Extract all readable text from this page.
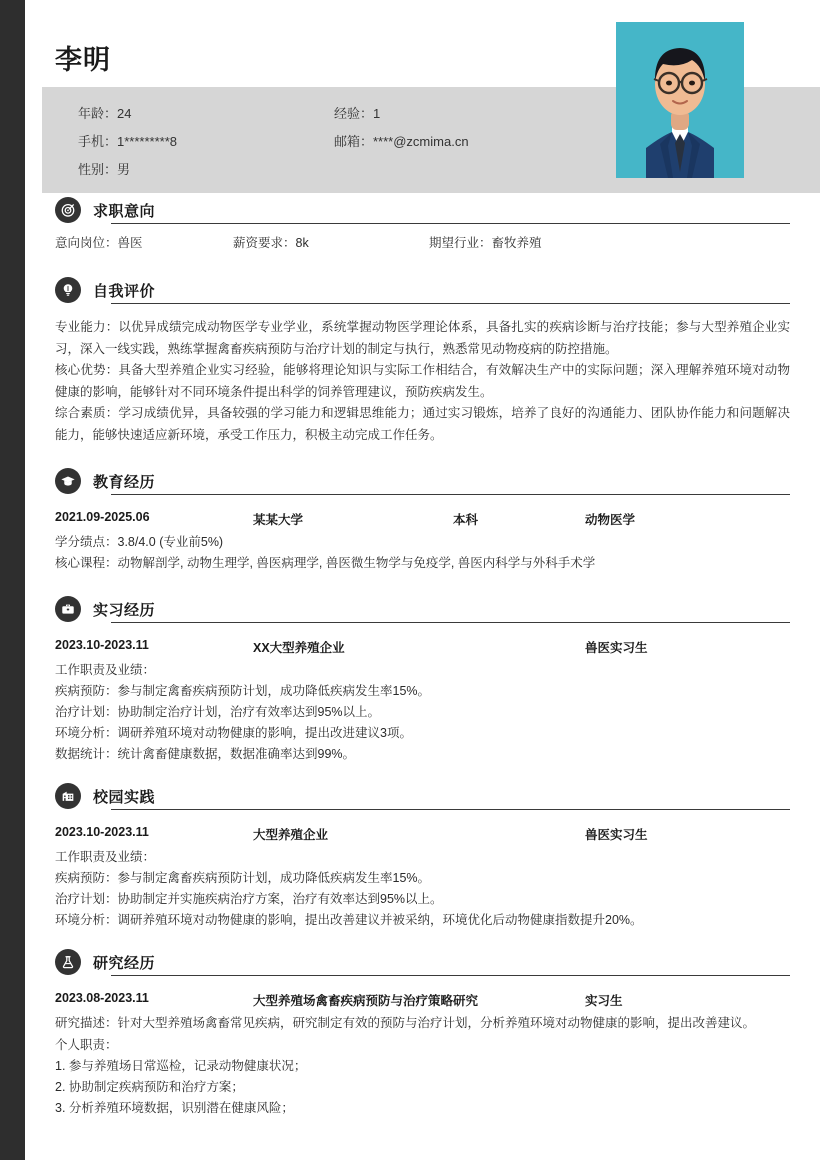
李明
年龄：24
手机：1*********8
性别：男
经验：1
邮箱：****@zcmima.cn
求职意向
意向岗位：兽医	薪资要求：8k	期望行业：畜牧养殖
自我评价

专业能力：以优异成绩完成动物医学专业学业，系统掌握动物医学理论体系，具备扎实的疾病诊断与治疗技能；参与大型养殖企业实习，深入一线实践，熟练掌握禽畜疾病预防与治疗计划的制定与执行，熟悉常见动物疫病的防控措施。

核心优势：具备大型养殖企业实习经验，能够将理论知识与实际工作相结合，有效解决生产中的实际问题；深入理解养殖环境对动物健康的影响，能够针对不同环境条件提出科学的饲养管理建议，预防疾病发生。

综合素质：学习成绩优异，具备较强的学习能力和逻辑思维能力；通过实习锻炼，培养了良好的沟通能力、团队协作能力和问题解决能力，能够快速适应新环境，承受工作压力，积极主动完成工作任务。

教育经历
2021.09-2025.06	某某大学	本科	动物医学

学分绩点：3.8/4.0 (专业前5%)

核心课程：动物解剖学, 动物生理学, 兽医病理学, 兽医微生物学与免疫学, 兽医内科学与外科手术学

实习经历
2023.10-2023.11	XX大型养殖企业	兽医实习生

工作职责及业绩：

疾病预防：参与制定禽畜疾病预防计划，成功降低疾病发生率15%。

治疗计划：协助制定治疗计划，治疗有效率达到95%以上。

环境分析：调研养殖环境对动物健康的影响，提出改进建议3项。

数据统计：统计禽畜健康数据，数据准确率达到99%。

校园实践
2023.10-2023.11	大型养殖企业	兽医实习生

工作职责及业绩：

疾病预防：参与制定禽畜疾病预防计划，成功降低疾病发生率15%。

治疗计划：协助制定并实施疾病治疗方案，治疗有效率达到95%以上。

环境分析：调研养殖环境对动物健康的影响，提出改善建议并被采纳，环境优化后动物健康指数提升20%。

研究经历
2023.08-2023.11	大型养殖场禽畜疾病预防与治疗策略研究	实习生

研究描述：针对大型养殖场禽畜常见疾病，研究制定有效的预防与治疗计划，分析养殖环境对动物健康的影响，提出改善建议。

个人职责：

1. 参与养殖场日常巡检，记录动物健康状况；

2. 协助制定疾病预防和治疗方案；

3. 分析养殖环境数据，识别潜在健康风险；
